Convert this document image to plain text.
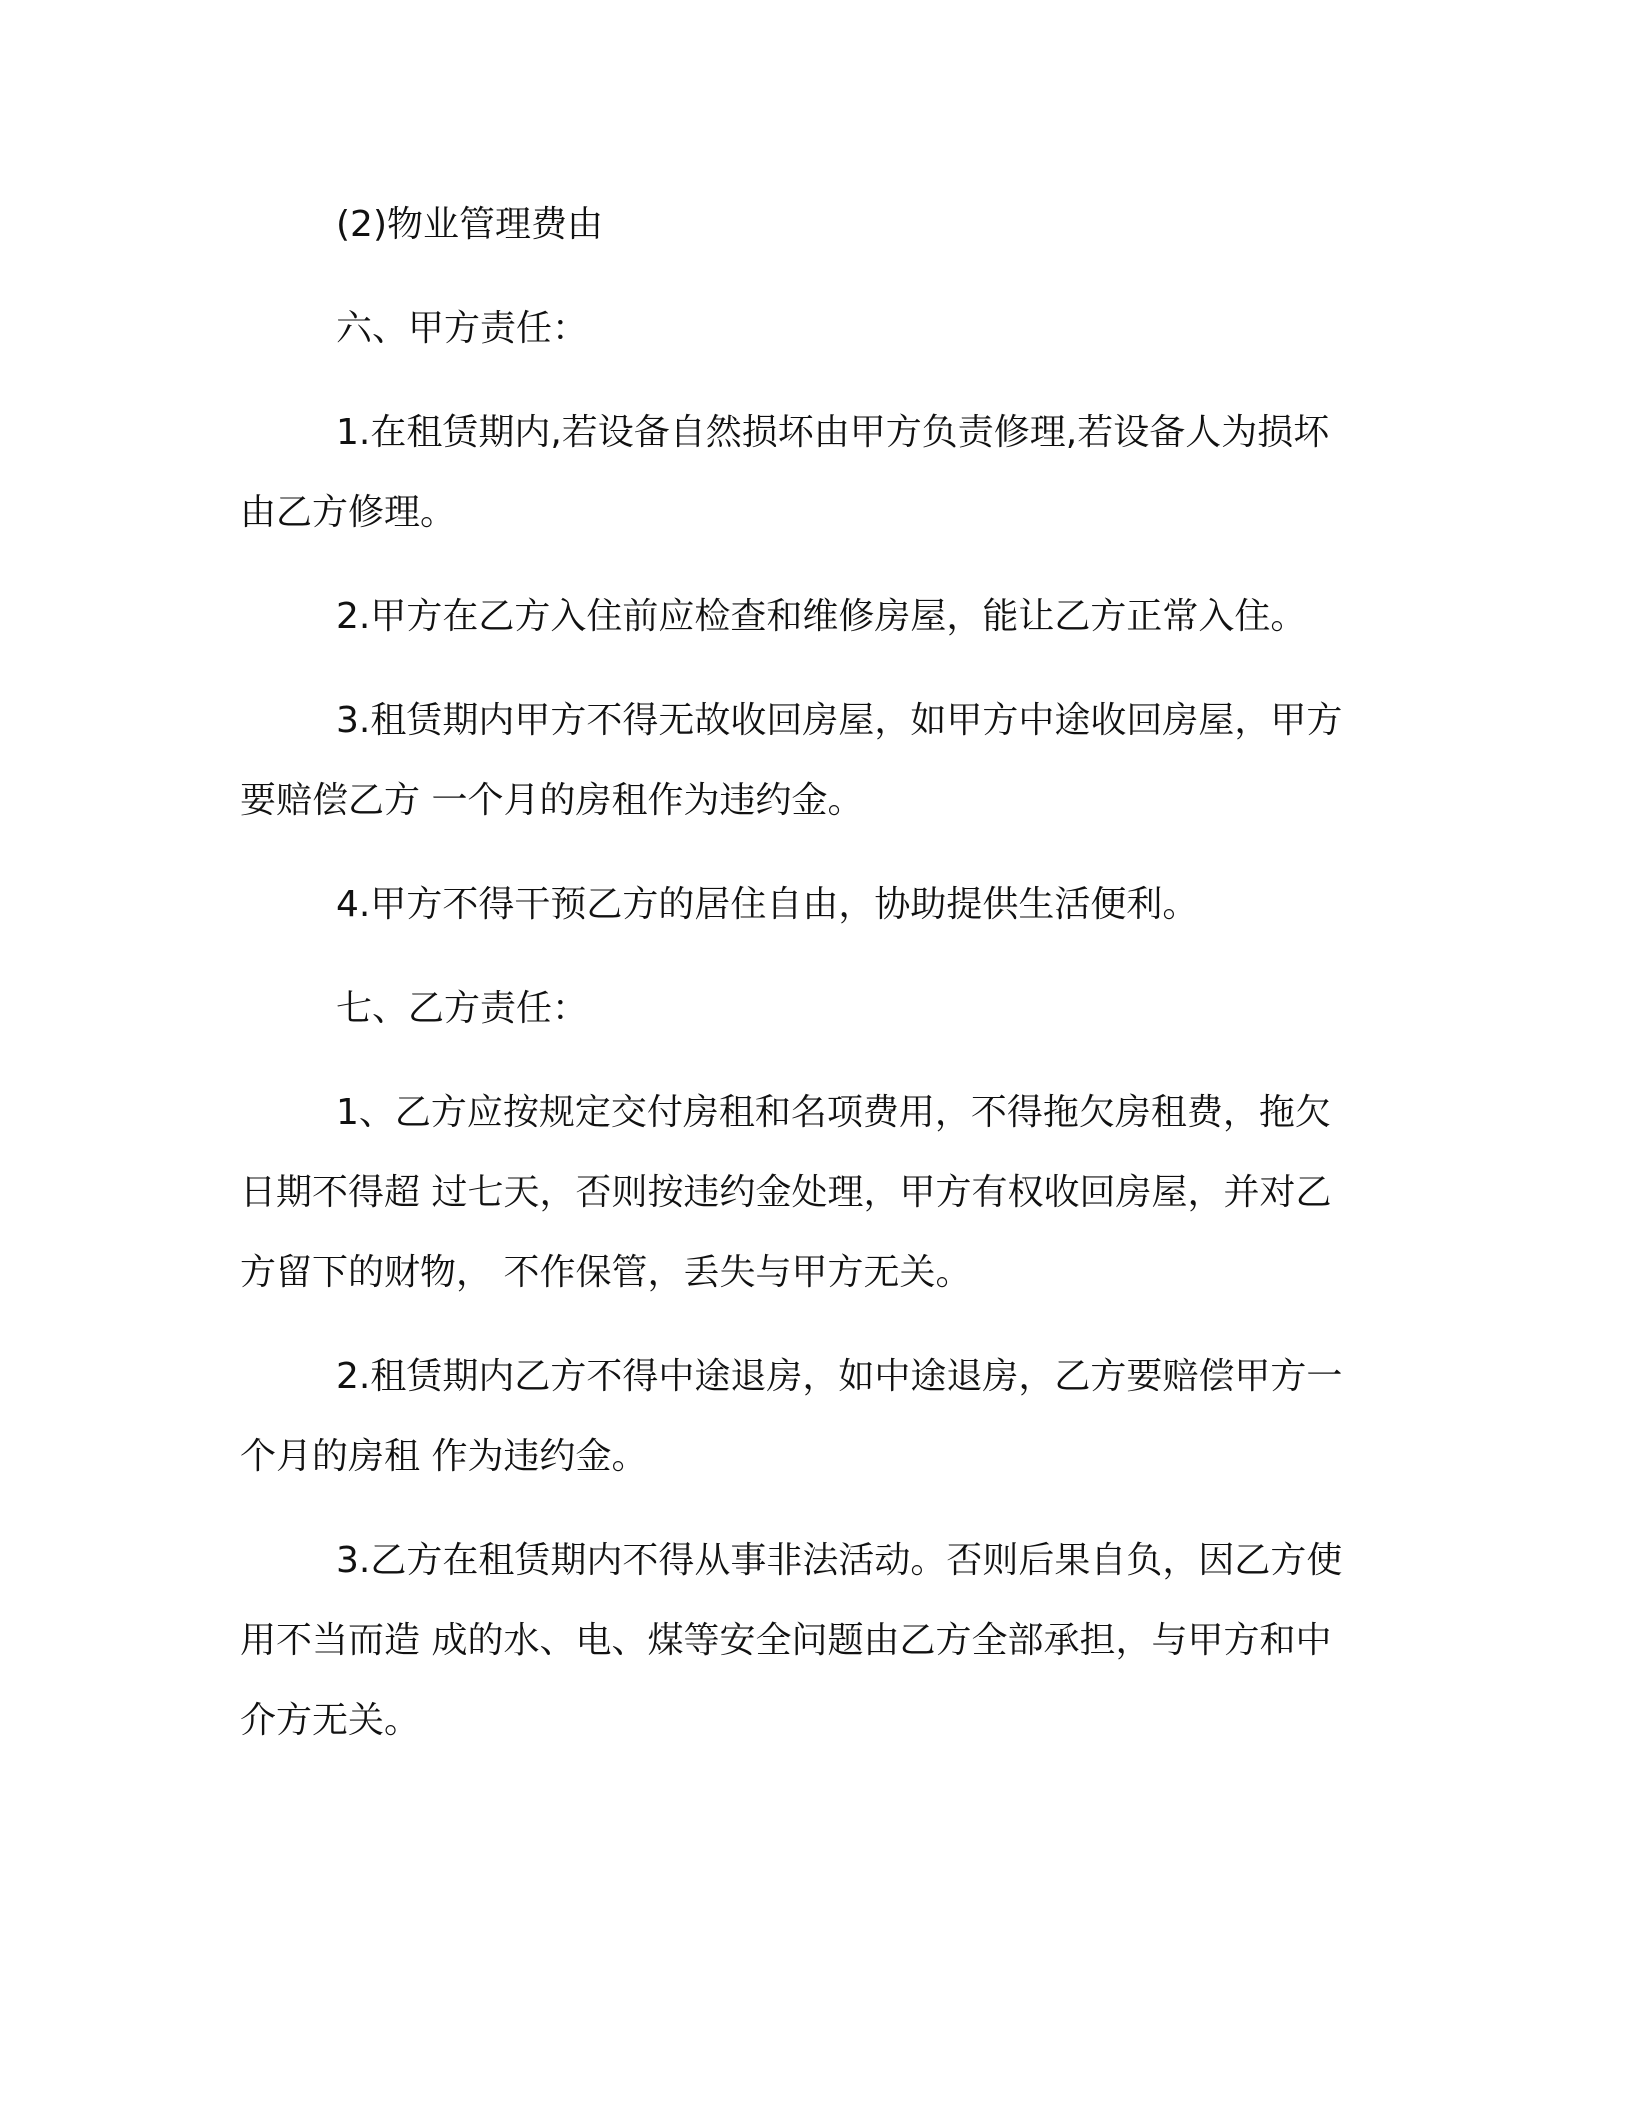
(2)物业管理费由
六、甲方责任：
1.在租赁期内,若设备自然损坏由甲方负责修理,若设备人为损坏
由乙方修理。
2.甲方在乙方入住前应检查和维修房屋，能让乙方正常入住。
3.租赁期内甲方不得无故收回房屋，如甲方中途收回房屋，甲方
要赔偿乙方 一个月的房租作为违约金。
4.甲方不得干预乙方的居住自由，协助提供生活便利。
七、乙方责任：
1、乙方应按规定交付房租和名项费用，不得拖欠房租费，拖欠
日期不得超 过七天，否则按违约金处理，甲方有权收回房屋，并对乙
方留下的财物， 不作保管，丢失与甲方无关。
2.租赁期内乙方不得中途退房，如中途退房，乙方要赔偿甲方一
个月的房租 作为违约金。
3.乙方在租赁期内不得从事非法活动。否则后果自负，因乙方使
用不当而造 成的水、电、煤等安全问题由乙方全部承担，与甲方和中
介方无关。
